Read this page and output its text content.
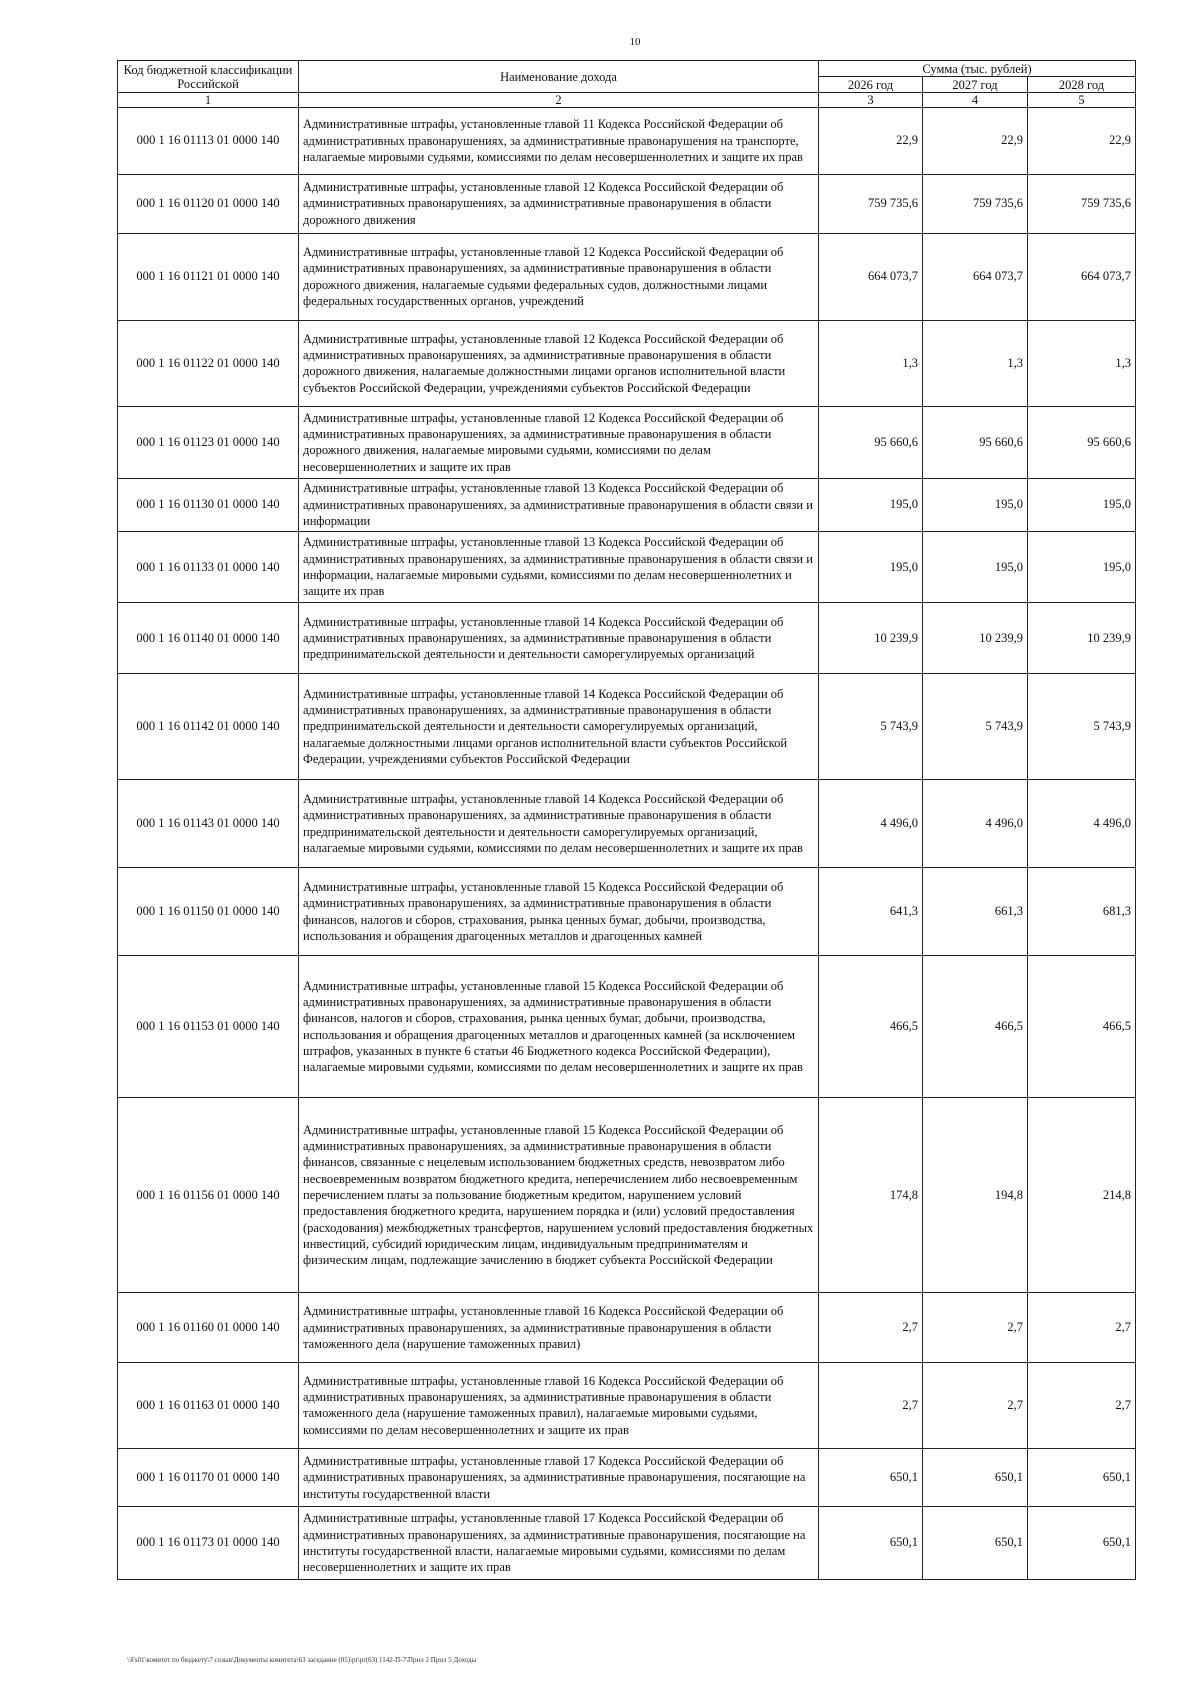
10
Код бюджетной классификации Российской	Наименование дохода	Сумма (тыс. рублей)		
		2026 год	2027 год	2028 год
1	2	3	4	5
000 1 16 01113 01 0000 140	Административные штрафы, установленные главой 11 Кодекса Российской Федерации об административных правонарушениях, за административные правонарушения на транспорте, налагаемые мировыми судьями, комиссиями по делам несовершеннолетних и защите их прав	22,9	22,9	22,9
000 1 16 01120 01 0000 140	Административные штрафы, установленные главой 12 Кодекса Российской Федерации об административных правонарушениях, за административные правонарушения в области дорожного движения	759 735,6	759 735,6	759 735,6
000 1 16 01121 01 0000 140	Административные штрафы, установленные главой 12 Кодекса Российской Федерации об административных правонарушениях, за административные правонарушения в области дорожного движения, налагаемые судьями федеральных судов, должностными лицами федеральных государственных органов, учреждений	664 073,7	664 073,7	664 073,7
000 1 16 01122 01 0000 140	Административные штрафы, установленные главой 12 Кодекса Российской Федерации об административных правонарушениях, за административные правонарушения в области дорожного движения, налагаемые должностными лицами органов исполнительной власти субъектов Российской Федерации, учреждениями субъектов Российской Федерации	1,3	1,3	1,3
000 1 16 01123 01 0000 140	Административные штрафы, установленные главой 12 Кодекса Российской Федерации об административных правонарушениях, за административные правонарушения в области дорожного движения, налагаемые мировыми судьями, комиссиями по делам несовершеннолетних и защите их прав	95 660,6	95 660,6	95 660,6
000 1 16 01130 01 0000 140	Административные штрафы, установленные главой 13 Кодекса Российской Федерации об административных правонарушениях, за административные правонарушения в области связи и информации	195,0	195,0	195,0
000 1 16 01133 01 0000 140	Административные штрафы, установленные главой 13 Кодекса Российской Федерации об административных правонарушениях, за административные правонарушения в области связи и информации, налагаемые мировыми судьями, комиссиями по делам несовершеннолетних и защите их прав	195,0	195,0	195,0
000 1 16 01140 01 0000 140	Административные штрафы, установленные главой 14 Кодекса Российской Федерации об административных правонарушениях, за административные правонарушения в области предпринимательской деятельности и деятельности саморегулируемых организаций	10 239,9	10 239,9	10 239,9
000 1 16 01142 01 0000 140	Административные штрафы, установленные главой 14 Кодекса Российской Федерации об административных правонарушениях, за административные правонарушения в области предпринимательской деятельности и деятельности саморегулируемых организаций, налагаемые должностными лицами органов исполнительной власти субъектов Российской Федерации, учреждениями субъектов Российской Федерации	5 743,9	5 743,9	5 743,9
000 1 16 01143 01 0000 140	Административные штрафы, установленные главой 14 Кодекса Российской Федерации об административных правонарушениях, за административные правонарушения в области предпринимательской деятельности и деятельности саморегулируемых организаций, налагаемые мировыми судьями, комиссиями по делам несовершеннолетних и защите их прав	4 496,0	4 496,0	4 496,0
000 1 16 01150 01 0000 140	Административные штрафы, установленные главой 15 Кодекса Российской Федерации об административных правонарушениях, за административные правонарушения в области финансов, налогов и сборов, страхования, рынка ценных бумаг, добычи, производства, использования и обращения драгоценных металлов и драгоценных камней	641,3	661,3	681,3
000 1 16 01153 01 0000 140	Административные штрафы, установленные главой 15 Кодекса Российской Федерации об административных правонарушениях, за административные правонарушения в области финансов, налогов и сборов, страхования, рынка ценных бумаг, добычи, производства, использования и обращения драгоценных металлов и драгоценных камней (за исключением штрафов, указанных в пункте 6 статьи 46 Бюджетного кодекса Российской Федерации), налагаемые мировыми судьями, комиссиями по делам несовершеннолетних и защите их прав	466,5	466,5	466,5
000 1 16 01156 01 0000 140	Административные штрафы, установленные главой 15 Кодекса Российской Федерации об административных правонарушениях, за административные правонарушения в области финансов, связанные с нецелевым использованием бюджетных средств, невозвратом либо несвоевременным возвратом бюджетного кредита, неперечислением либо несвоевременным перечислением платы за пользование бюджетным кредитом, нарушением условий предоставления бюджетного кредита, нарушением порядка и (или) условий предоставления (расходования) межбюджетных трансфертов, нарушением условий предоставления бюджетных инвестиций, субсидий юридическим лицам, индивидуальным предпринимателям и физическим лицам, подлежащие зачислению в бюджет субъекта Российской Федерации	174,8	194,8	214,8
000 1 16 01160 01 0000 140	Административные штрафы, установленные главой 16 Кодекса Российской Федерации об административных правонарушениях, за административные правонарушения в области таможенного дела (нарушение таможенных правил)	2,7	2,7	2,7
000 1 16 01163 01 0000 140	Административные штрафы, установленные главой 16 Кодекса Российской Федерации об административных правонарушениях, за административные правонарушения в области таможенного дела (нарушение таможенных правил), налагаемые мировыми судьями, комиссиями по делам несовершеннолетних и защите их прав	2,7	2,7	2,7
000 1 16 01170 01 0000 140	Административные штрафы, установленные главой 17 Кодекса Российской Федерации об административных правонарушениях, за административные правонарушения, посягающие на институты государственной власти	650,1	650,1	650,1
000 1 16 01173 01 0000 140	Административные штрафы, установленные главой 17 Кодекса Российской Федерации об административных правонарушениях, за административные правонарушения, посягающие на институты государственной власти, налагаемые мировыми судьями, комиссиями по делам несовершеннолетних и защите их прав	650,1	650,1	650,1
\\Fs01\комитет по бюджету\7 созыв\Документы комитета\63 заседание (05)\pr\pr(63) 1142-П-7\Прил 2 Прил 5 Доходы
